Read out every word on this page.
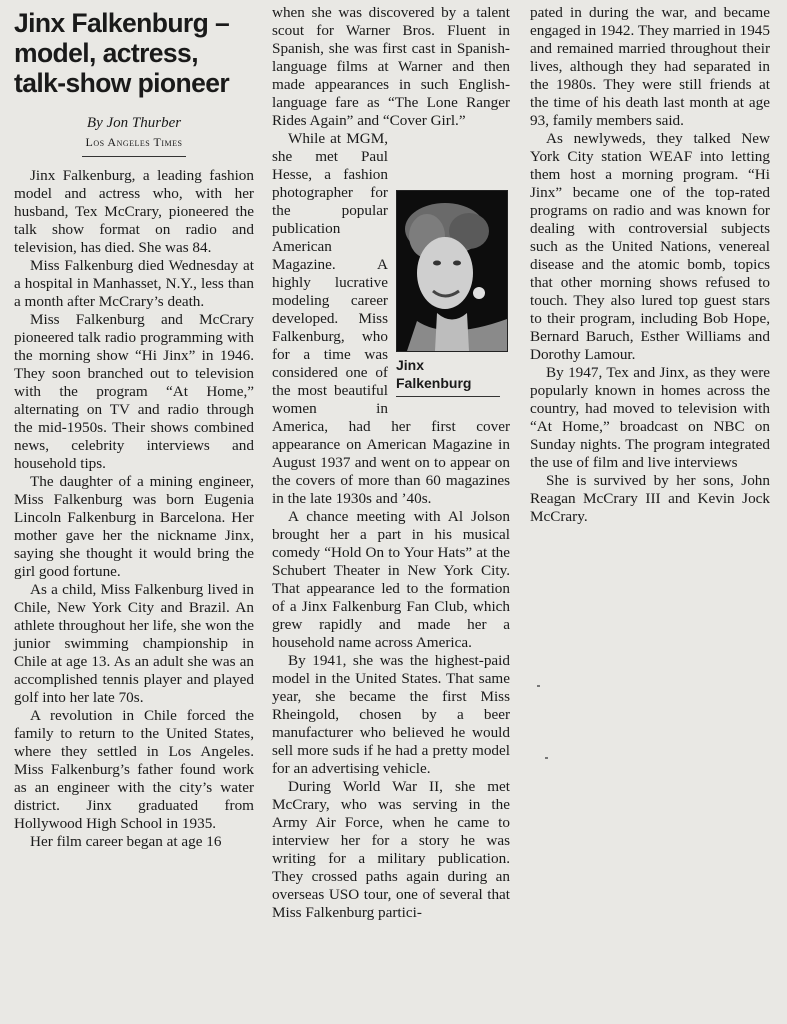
Jinx Falkenburg – model, actress, talk-show pioneer
By Jon Thurber
Los Angeles Times

Jinx Falkenburg, a leading fashion model and actress who, with her husband, Tex McCrary, pioneered the talk show format on radio and television, has died. She was 84.

Miss Falkenburg died Wednesday at a hospital in Manhasset, N.Y., less than a month after McCrary’s death.

Miss Falkenburg and McCrary pioneered talk radio programming with the morning show “Hi Jinx” in 1946. They soon branched out to television with the program “At Home,” alternating on TV and radio through the mid-1950s. Their shows combined news, celebrity interviews and household tips.

The daughter of a mining engineer, Miss Falkenburg was born Eugenia Lincoln Falkenburg in Barcelona. Her mother gave her the nickname Jinx, saying she thought it would bring the girl good fortune.

As a child, Miss Falkenburg lived in Chile, New York City and Brazil. An athlete throughout her life, she won the junior swimming championship in Chile at age 13. As an adult she was an accomplished tennis player and played golf into her late 70s.

A revolution in Chile forced the family to return to the United States, where they settled in Los Angeles. Miss Falkenburg’s father found work as an engineer with the city’s water district. Jinx graduated from Hollywood High School in 1935.

Her film career began at age 16

when she was discovered by a talent scout for Warner Bros. Fluent in Spanish, she was first cast in Spanish-language films at Warner and then made appearances in such English-language fare as “The Lone Ranger Rides Again” and “Cover Girl.”

Jinx Falkenburg

While at MGM, she met Paul Hesse, a fashion photographer for the popular publication American Magazine. A highly lucrative modeling career developed. Miss Falkenburg, who for a time was considered one of the most beautiful women in America, had her first cover appearance on American Magazine in August 1937 and went on to appear on the covers of more than 60 magazines in the late 1930s and ’40s.

A chance meeting with Al Jolson brought her a part in his musical comedy “Hold On to Your Hats” at the Schubert Theater in New York City. That appearance led to the formation of a Jinx Falkenburg Fan Club, which grew rapidly and made her a household name across America.

By 1941, she was the highest-paid model in the United States. That same year, she became the first Miss Rheingold, chosen by a beer manufacturer who believed he would sell more suds if he had a pretty model for an advertising vehicle.

During World War II, she met McCrary, who was serving in the Army Air Force, when he came to interview her for a story he was writing for a military publication. They crossed paths again during an overseas USO tour, one of several that Miss Falkenburg partici-

pated in during the war, and became engaged in 1942. They married in 1945 and remained married throughout their lives, although they had separated in the 1980s. They were still friends at the time of his death last month at age 93, family members said.

As newlyweds, they talked New York City station WEAF into letting them host a morning program. “Hi Jinx” became one of the top-rated programs on radio and was known for dealing with controversial subjects such as the United Nations, venereal disease and the atomic bomb, topics that other morning shows refused to touch. They also lured top guest stars to their program, including Bob Hope, Bernard Baruch, Esther Williams and Dorothy Lamour.

By 1947, Tex and Jinx, as they were popularly known in homes across the country, had moved to television with “At Home,” broadcast on NBC on Sunday nights. The program integrated the use of film and live interviews

She is survived by her sons, John Reagan McCrary III and Kevin Jock McCrary.
